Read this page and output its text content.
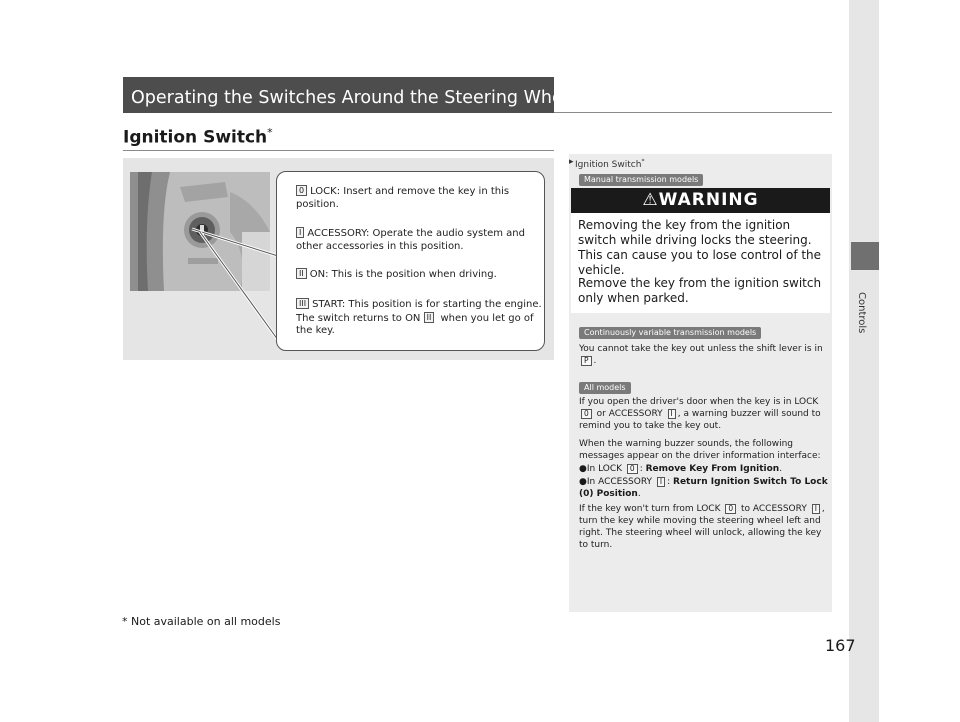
Operating the Switches Around the Steering Wheel
Ignition Switch*
Controls
0 LOCK: Insert and remove the key in this position.
I ACCESSORY: Operate the audio system and other accessories in this position.
II ON: This is the position when driving.
III START: This position is for starting the engine. The switch returns to ON II when you let go of the key.
▸ Ignition Switch*
Manual transmission models
⚠WARNING
Removing the key from the ignition switch while driving locks the steering. This can cause you to lose control of the vehicle.
Remove the key from the ignition switch only when parked.
Continuously variable transmission models
You cannot take the key out unless the shift lever is in P .
All models
If you open the driver's door when the key is in LOCK 0 or ACCESSORY I , a warning buzzer will sound to remind you to take the key out.
When the warning buzzer sounds, the following messages appear on the driver information interface:
●In LOCK 0 : Remove Key From Ignition.
●In ACCESSORY I : Return Ignition Switch To Lock (0) Position.
If the key won't turn from LOCK 0 to ACCESSORY I , turn the key while moving the steering wheel left and right. The steering wheel will unlock, allowing the key to turn.
* Not available on all models
167
